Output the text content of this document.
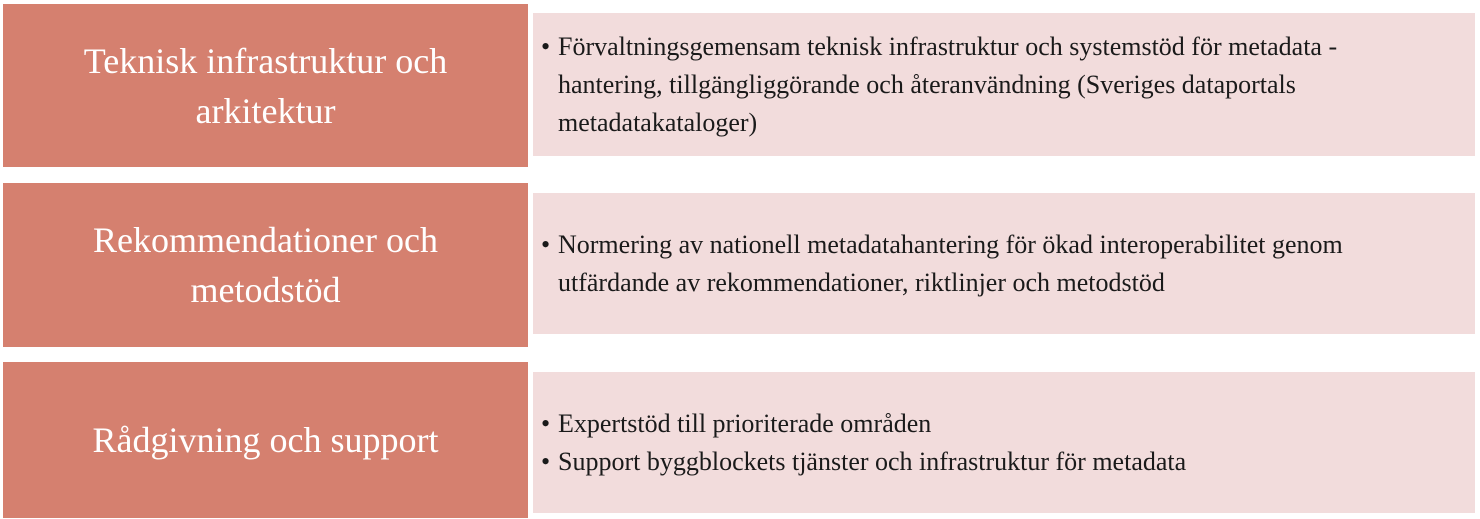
Teknisk infrastruktur och
arkitektur
• Förvaltningsgemensam teknisk infrastruktur och systemstöd för metadata -
hantering, tillgängliggörande och återanvändning (Sveriges dataportals
metadatakataloger)
Rekommendationer och
metodstöd
• Normering av nationell metadatahantering för ökad interoperabilitet genom
utfärdande av rekommendationer, riktlinjer och metodstöd
Rådgivning och support	• Expertstöd till prioriterade områden
• Support byggblockets tjänster och infrastruktur för metadata
